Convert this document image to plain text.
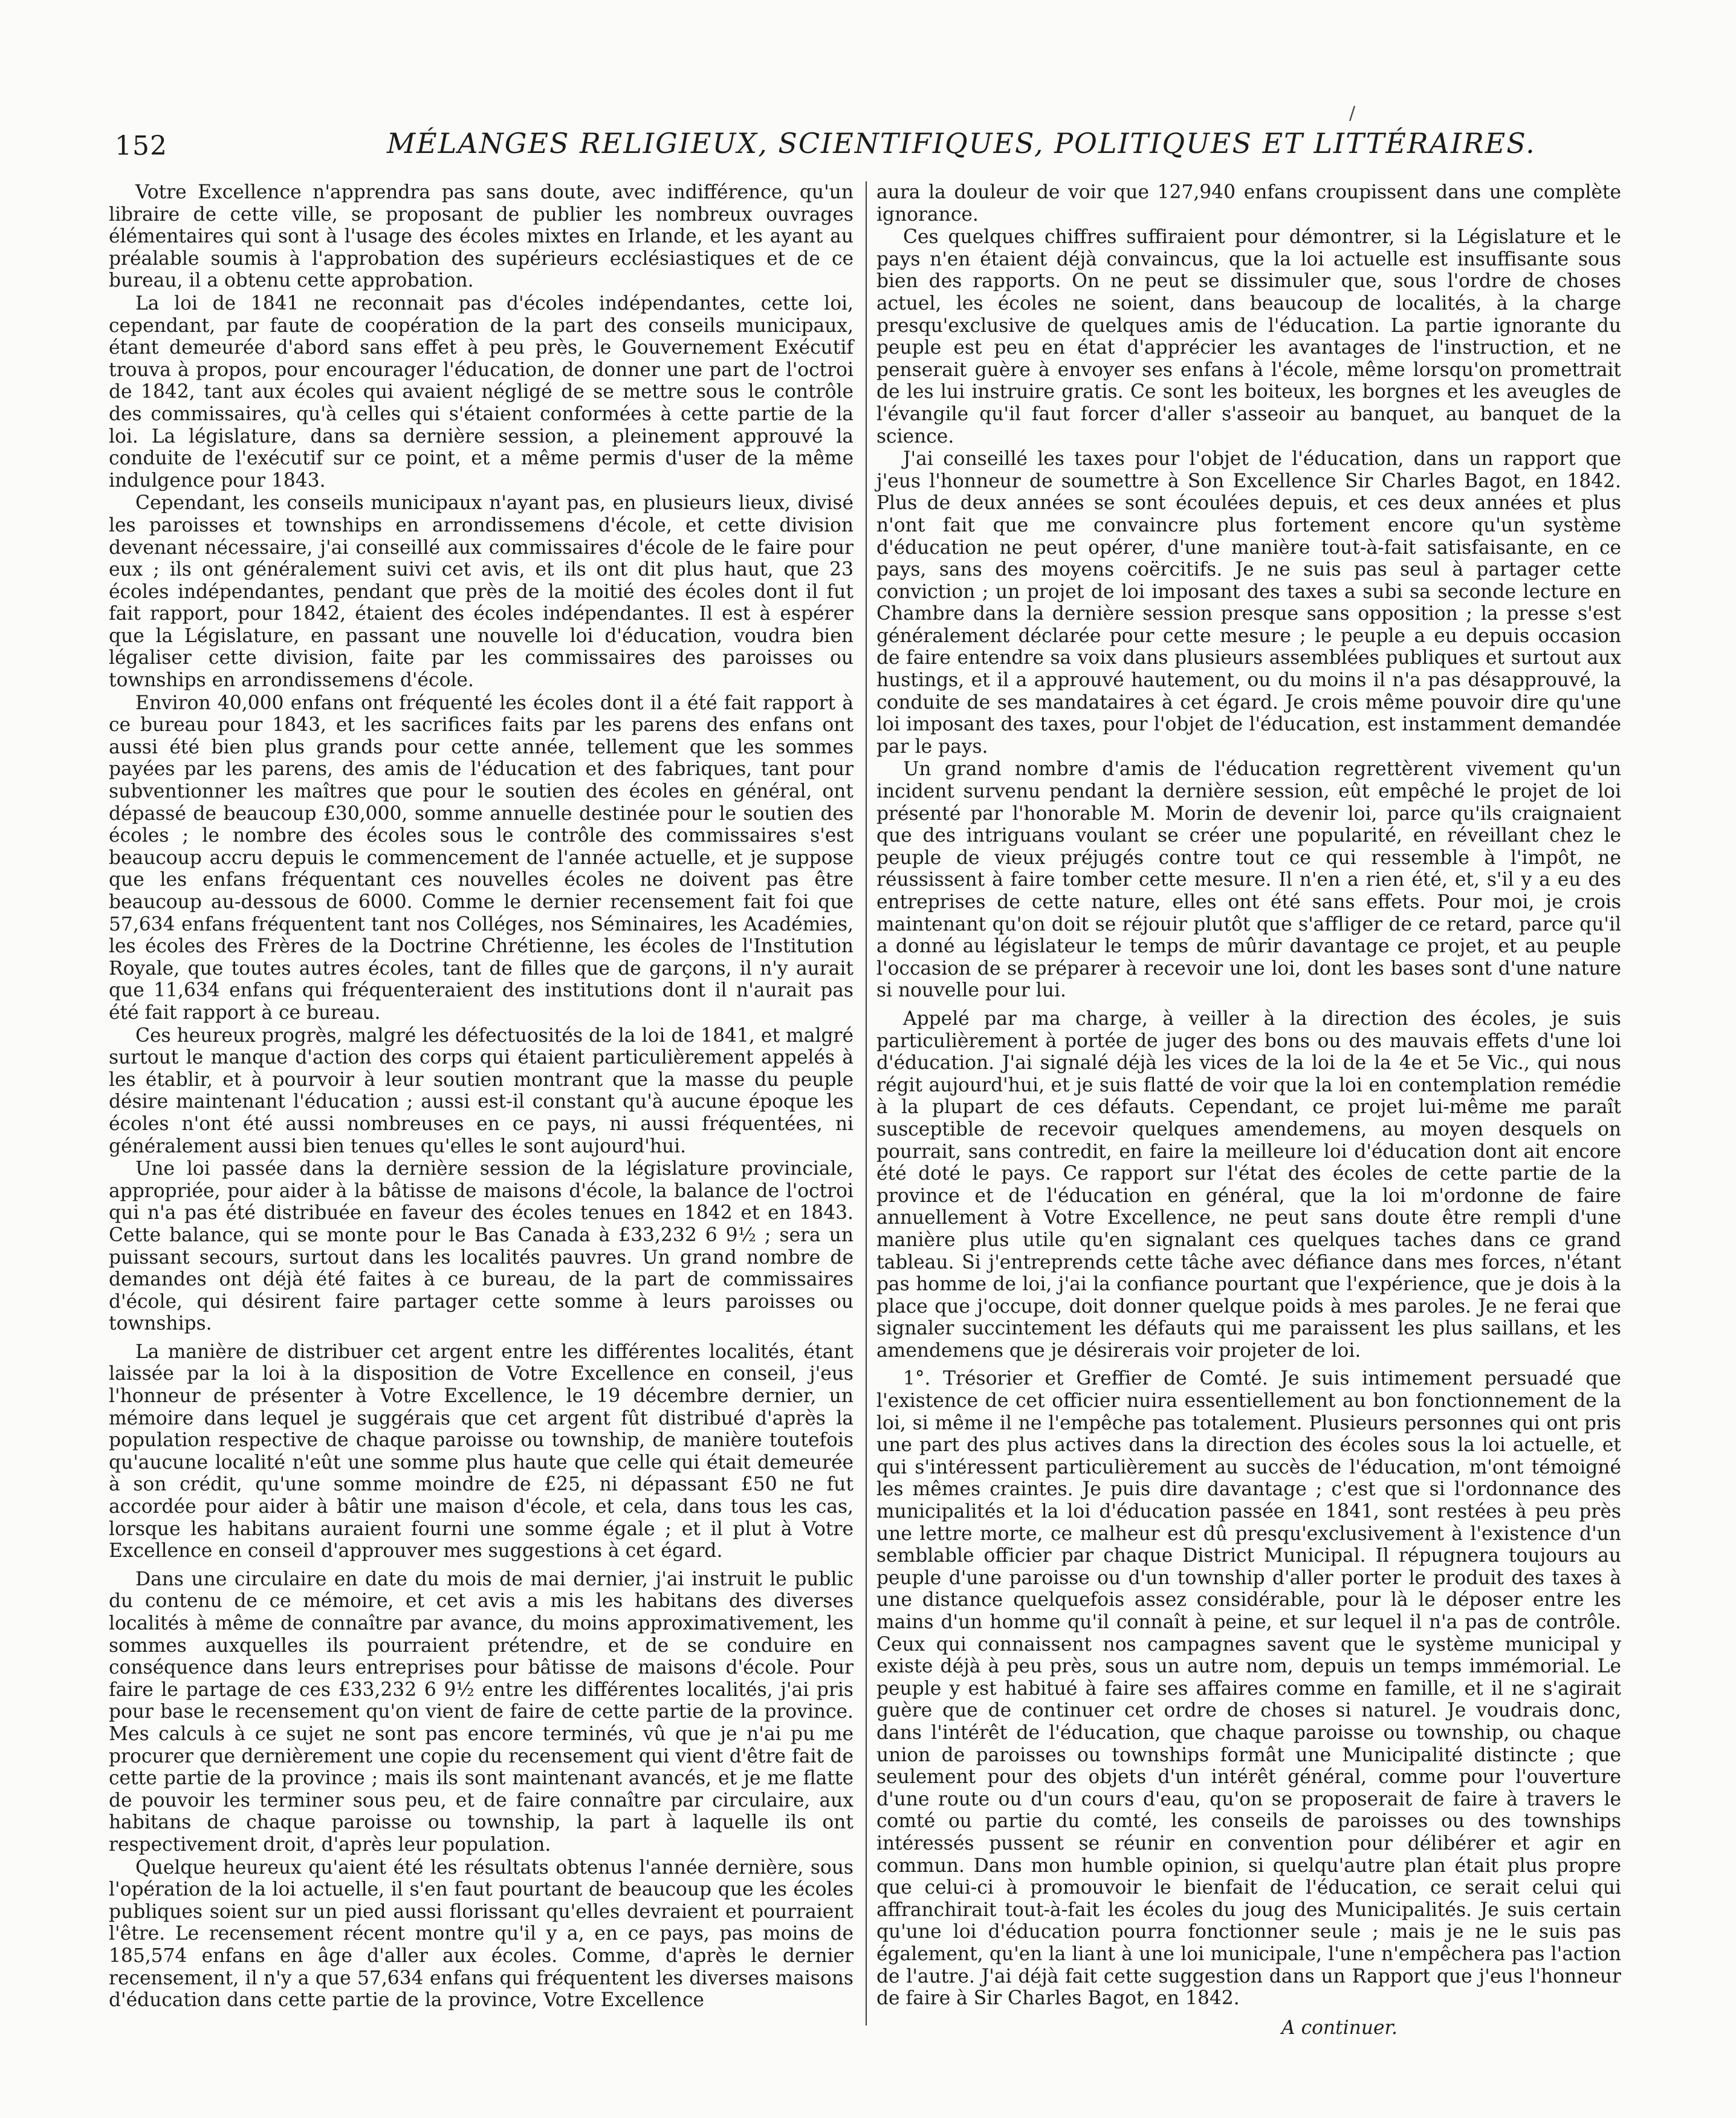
152	MÉLANGES RELIGIEUX, SCIENTIFIQUES, POLITIQUES ET LITTÉRAIRES.
/

Votre Excellence n'apprendra pas sans doute, avec indifférence, qu'un libraire de cette ville, se proposant de publier les nombreux ouvrages élémentaires qui sont à l'usage des écoles mixtes en Irlande, et les ayant au préalable soumis à l'approbation des supérieurs ecclésiastiques et de ce bureau, il a obtenu cette approbation.

La loi de 1841 ne reconnait pas d'écoles indépendantes, cette loi, cependant, par faute de coopération de la part des conseils municipaux, étant demeurée d'abord sans effet à peu près, le Gouvernement Exécutif trouva à propos, pour encourager l'éducation, de donner une part de l'octroi de 1842, tant aux écoles qui avaient négligé de se mettre sous le contrôle des commissaires, qu'à celles qui s'étaient conformées à cette partie de la loi. La législature, dans sa dernière session, a pleinement approuvé la conduite de l'exécutif sur ce point, et a même permis d'user de la même indulgence pour 1843.

Cependant, les conseils municipaux n'ayant pas, en plusieurs lieux, divisé les paroisses et townships en arrondissemens d'école, et cette division devenant nécessaire, j'ai conseillé aux commissaires d'école de le faire pour eux ; ils ont généralement suivi cet avis, et ils ont dit plus haut, que 23 écoles indépendantes, pendant que près de la moitié des écoles dont il fut fait rapport, pour 1842, étaient des écoles indépendantes. Il est à espérer que la Législature, en passant une nouvelle loi d'éducation, voudra bien légaliser cette division, faite par les commissaires des paroisses ou townships en arrondissemens d'école.

Environ 40,000 enfans ont fréquenté les écoles dont il a été fait rapport à ce bureau pour 1843, et les sacrifices faits par les parens des enfans ont aussi été bien plus grands pour cette année, tellement que les sommes payées par les parens, des amis de l'éducation et des fabriques, tant pour subventionner les maîtres que pour le soutien des écoles en général, ont dépassé de beaucoup £30,000, somme annuelle destinée pour le soutien des écoles ; le nombre des écoles sous le contrôle des commissaires s'est beaucoup accru depuis le commencement de l'année actuelle, et je suppose que les enfans fréquentant ces nouvelles écoles ne doivent pas être beaucoup au-dessous de 6000. Comme le dernier recensement fait foi que 57,634 enfans fréquentent tant nos Colléges, nos Séminaires, les Académies, les écoles des Frères de la Doctrine Chrétienne, les écoles de l'Institution Royale, que toutes autres écoles, tant de filles que de garçons, il n'y aurait que 11,634 enfans qui fréquenteraient des institutions dont il n'aurait pas été fait rapport à ce bureau.

Ces heureux progrès, malgré les défectuosités de la loi de 1841, et malgré surtout le manque d'action des corps qui étaient particulièrement appelés à les établir, et à pourvoir à leur soutien montrant que la masse du peuple désire maintenant l'éducation ; aussi est-il constant qu'à aucune époque les écoles n'ont été aussi nombreuses en ce pays, ni aussi fréquentées, ni généralement aussi bien tenues qu'elles le sont aujourd'hui.

Une loi passée dans la dernière session de la législature provinciale, appropriée, pour aider à la bâtisse de maisons d'école, la balance de l'octroi qui n'a pas été distribuée en faveur des écoles tenues en 1842 et en 1843. Cette balance, qui se monte pour le Bas Canada à £33,232 6 9½ ; sera un puissant secours, surtout dans les localités pauvres. Un grand nombre de demandes ont déjà été faites à ce bureau, de la part de commissaires d'école, qui désirent faire partager cette somme à leurs paroisses ou townships.

La manière de distribuer cet argent entre les différentes localités, étant laissée par la loi à la disposition de Votre Excellence en conseil, j'eus l'honneur de présenter à Votre Excellence, le 19 décembre dernier, un mémoire dans lequel je suggérais que cet argent fût distribué d'après la population respective de chaque paroisse ou township, de manière toutefois qu'aucune localité n'eût une somme plus haute que celle qui était demeurée à son crédit, qu'une somme moindre de £25, ni dépassant £50 ne fut accordée pour aider à bâtir une maison d'école, et cela, dans tous les cas, lorsque les habitans auraient fourni une somme égale ; et il plut à Votre Excellence en conseil d'approuver mes suggestions à cet égard.

Dans une circulaire en date du mois de mai dernier, j'ai instruit le public du contenu de ce mémoire, et cet avis a mis les habitans des diverses localités à même de connaître par avance, du moins approximativement, les sommes auxquelles ils pourraient prétendre, et de se conduire en conséquence dans leurs entreprises pour bâtisse de maisons d'école. Pour faire le partage de ces £33,232 6 9½ entre les différentes localités, j'ai pris pour base le recensement qu'on vient de faire de cette partie de la province. Mes calculs à ce sujet ne sont pas encore terminés, vû que je n'ai pu me procurer que dernièrement une copie du recensement qui vient d'être fait de cette partie de la province ; mais ils sont maintenant avancés, et je me flatte de pouvoir les terminer sous peu, et de faire connaître par circulaire, aux habitans de chaque paroisse ou township, la part à laquelle ils ont respectivement droit, d'après leur population.

Quelque heureux qu'aient été les résultats obtenus l'année dernière, sous l'opération de la loi actuelle, il s'en faut pourtant de beaucoup que les écoles publiques soient sur un pied aussi florissant qu'elles devraient et pourraient l'être. Le recensement récent montre qu'il y a, en ce pays, pas moins de 185,574 enfans en âge d'aller aux écoles. Comme, d'après le dernier recensement, il n'y a que 57,634 enfans qui fréquentent les diverses maisons d'éducation dans cette partie de la province, Votre Excellence

aura la douleur de voir que 127,940 enfans croupissent dans une complète ignorance.

Ces quelques chiffres suffiraient pour démontrer, si la Législature et le pays n'en étaient déjà convaincus, que la loi actuelle est insuffisante sous bien des rapports. On ne peut se dissimuler que, sous l'ordre de choses actuel, les écoles ne soient, dans beaucoup de localités, à la charge presqu'exclusive de quelques amis de l'éducation. La partie ignorante du peuple est peu en état d'apprécier les avantages de l'instruction, et ne penserait guère à envoyer ses enfans à l'école, même lorsqu'on promettrait de les lui instruire gratis. Ce sont les boiteux, les borgnes et les aveugles de l'évangile qu'il faut forcer d'aller s'asseoir au banquet, au banquet de la science.

J'ai conseillé les taxes pour l'objet de l'éducation, dans un rapport que j'eus l'honneur de soumettre à Son Excellence Sir Charles Bagot, en 1842. Plus de deux années se sont écoulées depuis, et ces deux années et plus n'ont fait que me convaincre plus fortement encore qu'un système d'éducation ne peut opérer, d'une manière tout-à-fait satisfaisante, en ce pays, sans des moyens coërcitifs. Je ne suis pas seul à partager cette conviction ; un projet de loi imposant des taxes a subi sa seconde lecture en Chambre dans la dernière session presque sans opposition ; la presse s'est généralement déclarée pour cette mesure ; le peuple a eu depuis occasion de faire entendre sa voix dans plusieurs assemblées publiques et surtout aux hustings, et il a approuvé hautement, ou du moins il n'a pas désapprouvé, la conduite de ses mandataires à cet égard. Je crois même pouvoir dire qu'une loi imposant des taxes, pour l'objet de l'éducation, est instamment demandée par le pays.

Un grand nombre d'amis de l'éducation regrettèrent vivement qu'un incident survenu pendant la dernière session, eût empêché le projet de loi présenté par l'honorable M. Morin de devenir loi, parce qu'ils craignaient que des intriguans voulant se créer une popularité, en réveillant chez le peuple de vieux préjugés contre tout ce qui ressemble à l'impôt, ne réussissent à faire tomber cette mesure. Il n'en a rien été, et, s'il y a eu des entreprises de cette nature, elles ont été sans effets. Pour moi, je crois maintenant qu'on doit se réjouir plutôt que s'affliger de ce retard, parce qu'il a donné au législateur le temps de mûrir davantage ce projet, et au peuple l'occasion de se préparer à recevoir une loi, dont les bases sont d'une nature si nouvelle pour lui.

Appelé par ma charge, à veiller à la direction des écoles, je suis particulièrement à portée de juger des bons ou des mauvais effets d'une loi d'éducation. J'ai signalé déjà les vices de la loi de la 4e et 5e Vic., qui nous régit aujourd'hui, et je suis flatté de voir que la loi en contemplation remédie à la plupart de ces défauts. Cependant, ce projet lui-même me paraît susceptible de recevoir quelques amendemens, au moyen desquels on pourrait, sans contredit, en faire la meilleure loi d'éducation dont ait encore été doté le pays. Ce rapport sur l'état des écoles de cette partie de la province et de l'éducation en général, que la loi m'ordonne de faire annuellement à Votre Excellence, ne peut sans doute être rempli d'une manière plus utile qu'en signalant ces quelques taches dans ce grand tableau. Si j'entreprends cette tâche avec défiance dans mes forces, n'étant pas homme de loi, j'ai la confiance pourtant que l'expérience, que je dois à la place que j'occupe, doit donner quelque poids à mes paroles. Je ne ferai que signaler succintement les défauts qui me paraissent les plus saillans, et les amendemens que je désirerais voir projeter de loi.

1°. Trésorier et Greffier de Comté. Je suis intimement persuadé que l'existence de cet officier nuira essentiellement au bon fonctionnement de la loi, si même il ne l'empêche pas totalement. Plusieurs personnes qui ont pris une part des plus actives dans la direction des écoles sous la loi actuelle, et qui s'intéressent particulièrement au succès de l'éducation, m'ont témoigné les mêmes craintes. Je puis dire davantage ; c'est que si l'ordonnance des municipalités et la loi d'éducation passée en 1841, sont restées à peu près une lettre morte, ce malheur est dû presqu'exclusivement à l'existence d'un semblable officier par chaque District Municipal. Il répugnera toujours au peuple d'une paroisse ou d'un township d'aller porter le produit des taxes à une distance quelquefois assez considérable, pour là le déposer entre les mains d'un homme qu'il connaît à peine, et sur lequel il n'a pas de contrôle. Ceux qui connaissent nos campagnes savent que le système municipal y existe déjà à peu près, sous un autre nom, depuis un temps immémorial. Le peuple y est habitué à faire ses affaires comme en famille, et il ne s'agirait guère que de continuer cet ordre de choses si naturel. Je voudrais donc, dans l'intérêt de l'éducation, que chaque paroisse ou township, ou chaque union de paroisses ou townships formât une Municipalité distincte ; que seulement pour des objets d'un intérêt général, comme pour l'ouverture d'une route ou d'un cours d'eau, qu'on se proposerait de faire à travers le comté ou partie du comté, les conseils de paroisses ou des townships intéressés pussent se réunir en convention pour délibérer et agir en commun. Dans mon humble opinion, si quelqu'autre plan était plus propre que celui-ci à promouvoir le bienfait de l'éducation, ce serait celui qui affranchirait tout-à-fait les écoles du joug des Municipalités. Je suis certain qu'une loi d'éducation pourra fonctionner seule ; mais je ne le suis pas également, qu'en la liant à une loi municipale, l'une n'empêchera pas l'action de l'autre. J'ai déjà fait cette suggestion dans un Rapport que j'eus l'honneur de faire à Sir Charles Bagot, en 1842.

A continuer.
